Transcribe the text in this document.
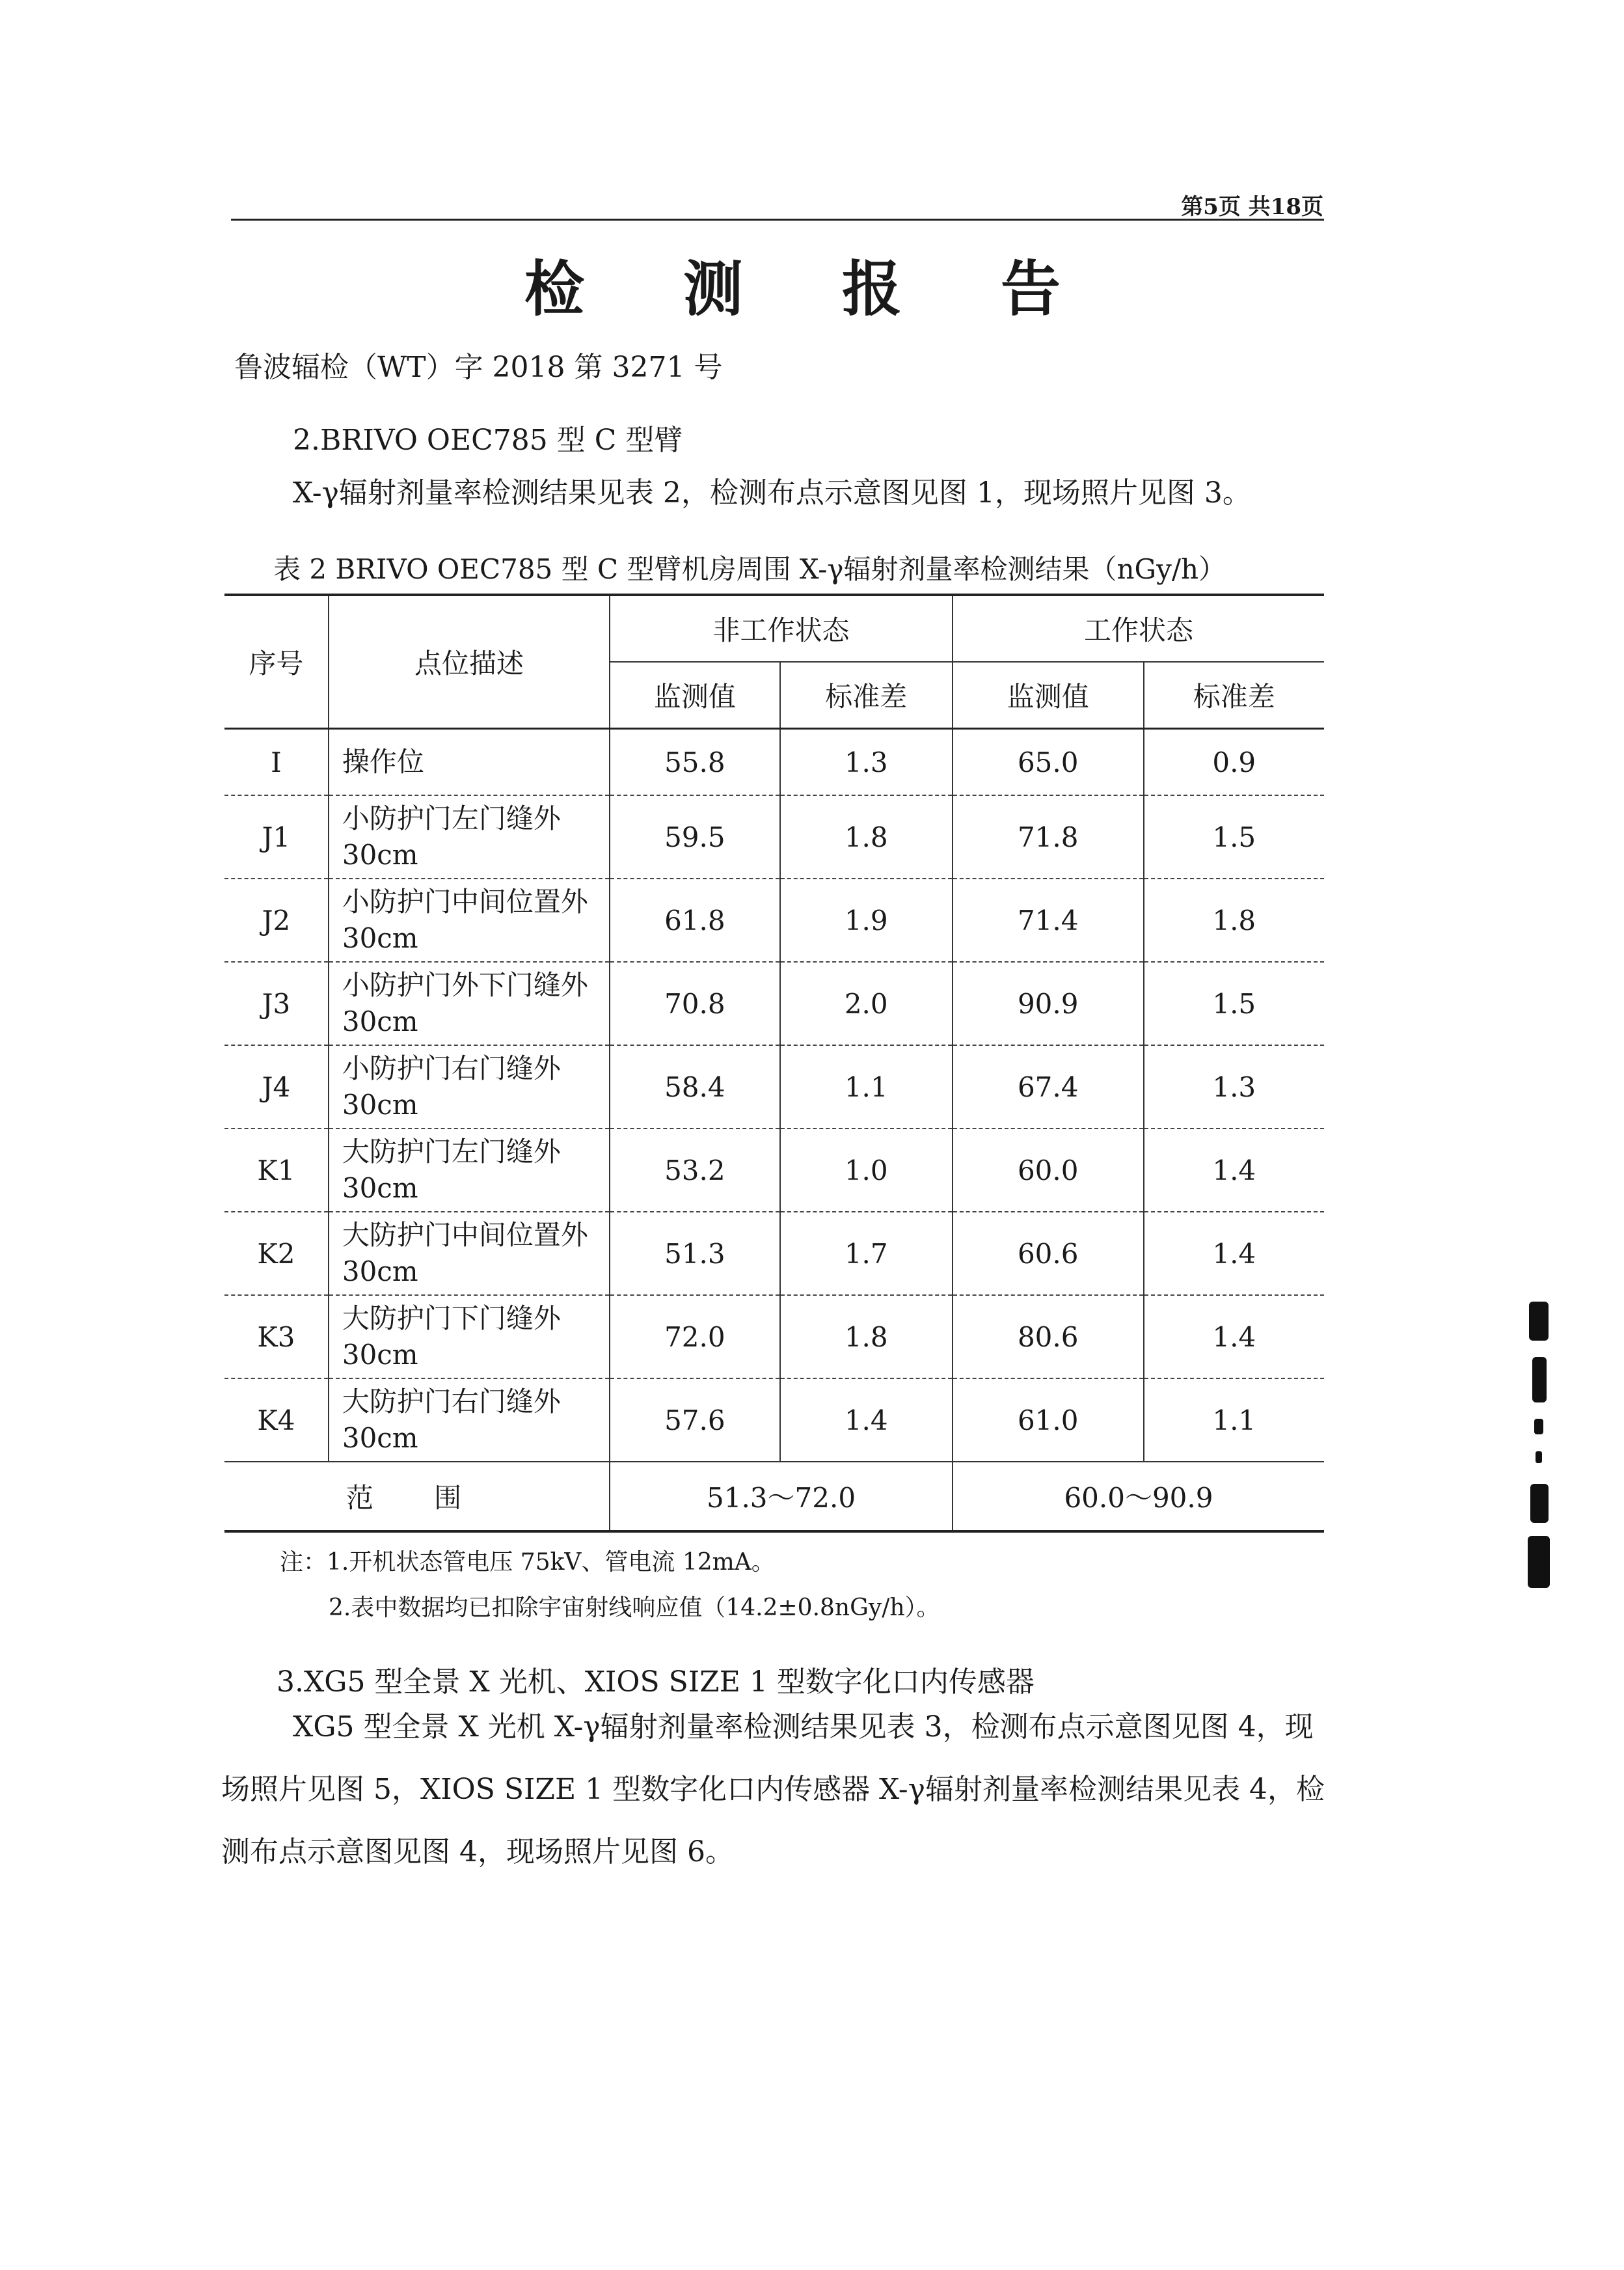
第5页 共18页
检 测 报 告
鲁波辐检（WT）字 2018 第 3271 号
2.BRIVO OEC785 型 C 型臂
X-γ辐射剂量率检测结果见表 2，检测布点示意图见图 1，现场照片见图 3。
表 2 BRIVO OEC785 型 C 型臂机房周围 X-γ辐射剂量率检测结果（nGy/h）
序号	点位描述	非工作状态		工作状态	
		监测值	标准差	监测值	标准差
I	操作位	55.8	1.3	65.0	0.9
J1	小防护门左门缝外 30cm	59.5	1.8	71.8	1.5
J2	小防护门中间位置外 30cm	61.8	1.9	71.4	1.8
J3	小防护门外下门缝外 30cm	70.8	2.0	90.9	1.5
J4	小防护门右门缝外 30cm	58.4	1.1	67.4	1.3
K1	大防护门左门缝外 30cm	53.2	1.0	60.0	1.4
K2	大防护门中间位置外 30cm	51.3	1.7	60.6	1.4
K3	大防护门下门缝外 30cm	72.0	1.8	80.6	1.4
K4	大防护门右门缝外 30cm	57.6	1.4	61.0	1.1
范 围		51.3～72.0		60.0～90.9	
注：1.开机状态管电压 75kV、管电流 12mA。
2.表中数据均已扣除宇宙射线响应值（14.2±0.8nGy/h）。
3.XG5 型全景 X 光机、XIOS SIZE 1 型数字化口内传感器
XG5 型全景 X 光机 X-γ辐射剂量率检测结果见表 3，检测布点示意图见图 4，现场照片见图 5，XIOS SIZE 1 型数字化口内传感器 X-γ辐射剂量率检测结果见表 4，检测布点示意图见图 4，现场照片见图 6。
